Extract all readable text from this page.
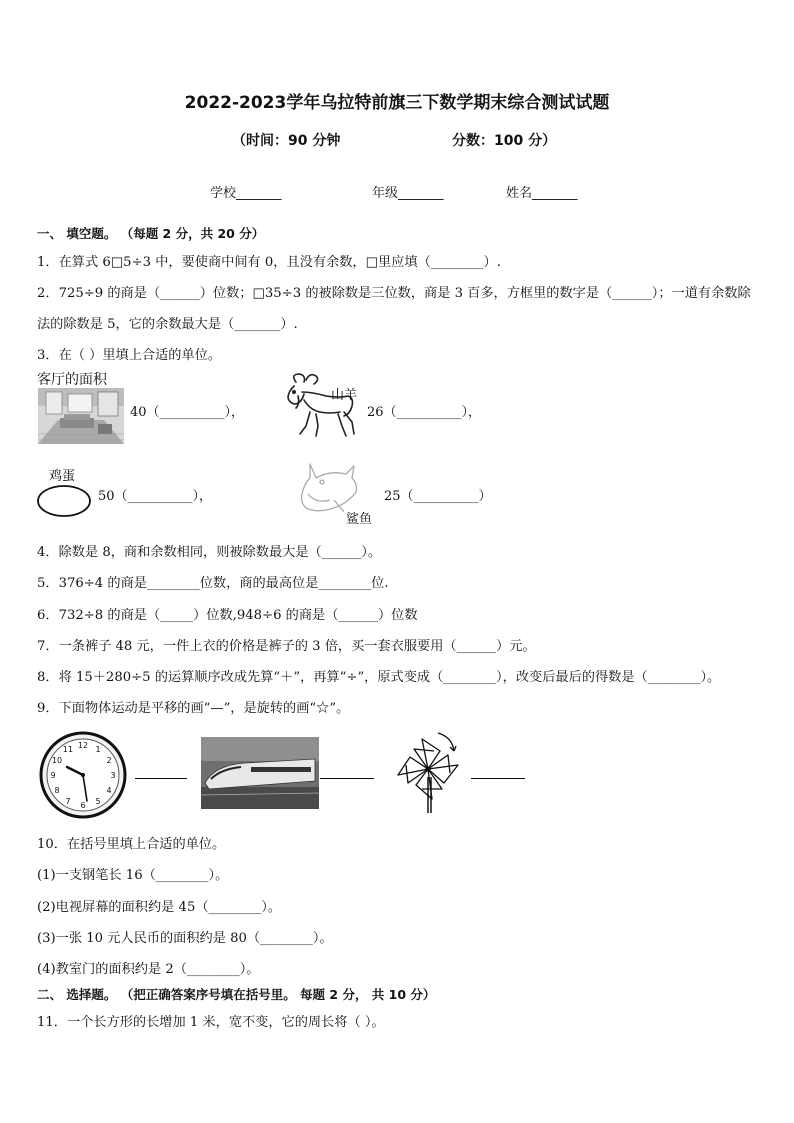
2022-2023学年乌拉特前旗三下数学期末综合测试试题
（时间：90 分钟	分数：100 分）
学校_______	年级_______	姓名_______
一、 填空题。 （每题 2 分，共 20 分）
1．在算式 6□5÷3 中，要使商中间有 0，且没有余数，□里应填（________）.
2．725÷9 的商是（______）位数；□35÷3 的被除数是三位数，商是 3 百多，方框里的数字是（______）；一道有余数除
法的除数是 5，它的余数最大是（_______）.
3．在（ ）里填上合适的单位。
客厅的面积
40（__________），
山羊
26（__________），
鸡蛋
50（__________），
鲨鱼
25（__________）
4．除数是 8，商和余数相同，则被除数最大是（______）。
5．376÷4 的商是________位数，商的最高位是________位.
6．732÷8 的商是（_____）位数,948÷6 的商是（______）位数
7．一条裤子 48 元，一件上衣的价格是裤子的 3 倍，买一套衣服要用（______）元。
8．将 15＋280÷5 的运算顺序改成先算“＋”，再算“÷”，原式变成（________），改变后最后的得数是（________）。
9．下面物体运动是平移的画“—”，是旋转的画“☆”。
12 1
2
3
4
5
6
7
8
9
10
11
10．在括号里填上合适的单位。
(1)一支钢笔长 16（________）。
(2)电视屏幕的面积约是 45（________）。
(3)一张 10 元人民币的面积约是 80（________）。
(4)教室门的面积约是 2（________）。
二、 选择题。 （把正确答案序号填在括号里。 每题 2 分， 共 10 分）
11．一个长方形的长增加 1 米，宽不变，它的周长将（ ）。
